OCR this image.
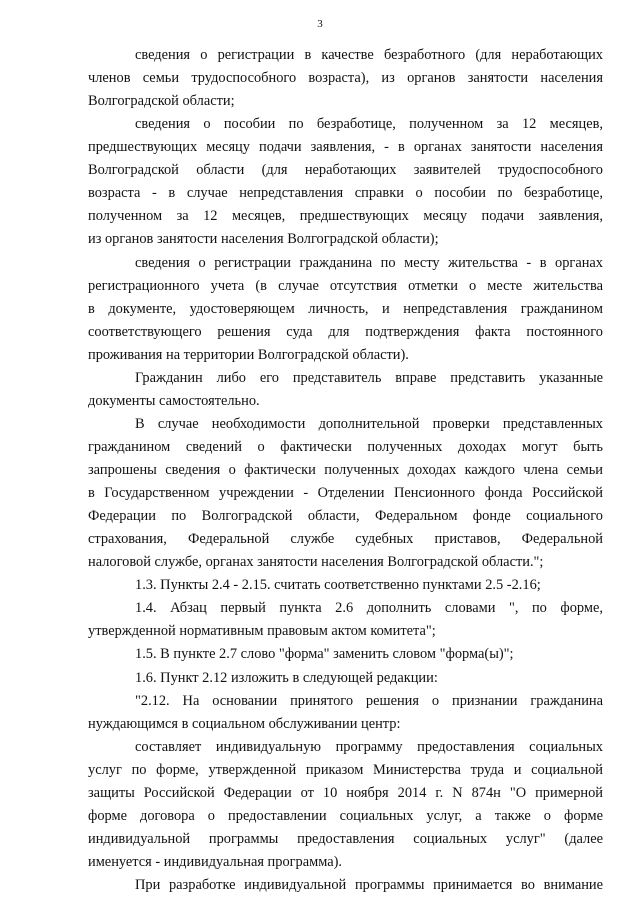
3
сведения о регистрации в качестве безработного (для неработающих
членов семьи трудоспособного возраста), из органов занятости населения
Волгоградской области;
сведения о пособии по безработице, полученном за 12 месяцев,
предшествующих месяцу подачи заявления, - в органах занятости населения
Волгоградской области (для неработающих заявителей трудоспособного
возраста - в случае непредставления справки о пособии по безработице,
полученном за 12 месяцев, предшествующих месяцу подачи заявления,
из органов занятости населения Волгоградской области);
сведения о регистрации гражданина по месту жительства - в органах
регистрационного учета (в случае отсутствия отметки о месте жительства
в документе, удостоверяющем личность, и непредставления гражданином
соответствующего решения суда для подтверждения факта постоянного
проживания на территории Волгоградской области).
Гражданин либо его представитель вправе представить указанные
документы самостоятельно.
В случае необходимости дополнительной проверки представленных
гражданином сведений о фактически полученных доходах могут быть
запрошены сведения о фактически полученных доходах каждого члена семьи
в Государственном учреждении - Отделении Пенсионного фонда Российской
Федерации по Волгоградской области, Федеральном фонде социального
страхования, Федеральной службе судебных приставов, Федеральной
налоговой службе, органах занятости населения Волгоградской области.";
1.3. Пункты 2.4 - 2.15. считать соответственно пунктами 2.5 -2.16;
1.4. Абзац первый пункта 2.6 дополнить словами ", по форме,
утвержденной нормативным правовым актом комитета";
1.5. В пункте 2.7 слово "форма" заменить словом "форма(ы)";
1.6. Пункт 2.12 изложить в следующей редакции:
"2.12. На основании принятого решения о признании гражданина
нуждающимся в социальном обслуживании центр:
составляет индивидуальную программу предоставления социальных
услуг по форме, утвержденной приказом Министерства труда и социальной
защиты Российской Федерации от 10 ноября 2014 г. N 874н "О примерной
форме договора о предоставлении социальных услуг, а также о форме
индивидуальной программы предоставления социальных услуг" (далее
именуется - индивидуальная программа).
При разработке индивидуальной программы принимается во внимание
